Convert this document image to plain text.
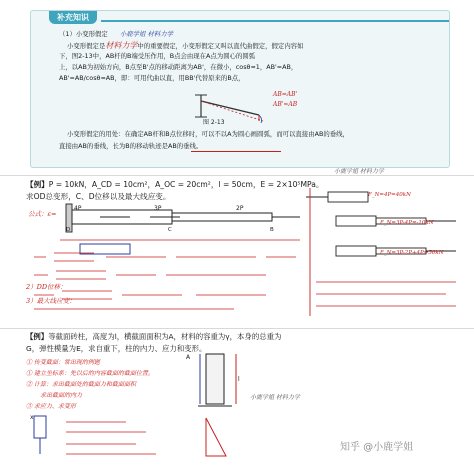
补充知识
（1）小变形假定 小鹿学姐 材料力学
小变形假定是材料力学中的重要假定，小变形假定又叫以直代曲假定，假定内容如
下，图2-13中，AB杆的B端受压作用，B点会由现在A点为圆心的圆弧
上，以AB为初始方向，B点至B'点的移动距离为AB'，在微小，cosθ≈1，AB'=AB，
AB'=AB/cosθ≈AB，即：可用代曲以直，用BB'代替原来的B点，
AB=AB'
AB'≈AB
图 2-13
小变形假定的用处：在确定AB杆和B点位移时，可以不以A为圆心画圆弧，而可以直接由AB的垂线，
直接由AB的垂线，长为B的移动轨迹是AB的垂线。
小鹿学姐 材料力学
【例】P = 10kN，A_CD = 10cm²，A_OC = 20cm²，l = 50cm，E = 2×10⁵MPa。
求OD总变形，C、D位移以及最大线应变。
4P	3P	2P
D	C	B
公式：ε=
2）DD位移：
3）最大线应变：
F_N=4P=40kN
F_N=3P-4P=-10kN
F_N=3P-2P+4P=50kN
【例】等截面砖柱，高度为l，横截面面积为A，材料的容重为γ，本身的总重为
G，弹性模量为E，求自重下，柱的内力、应力和变形。
① 传变截面：常出现的例题
① 建立坐标系：先以后的内容截面的截面位置。
② 计算：求出截面处的截面力和截面面积
求出截面的内力
③ 求应力、求变形
A
l
x
小鹿学姐 材料力学
知乎 @小鹿学姐
